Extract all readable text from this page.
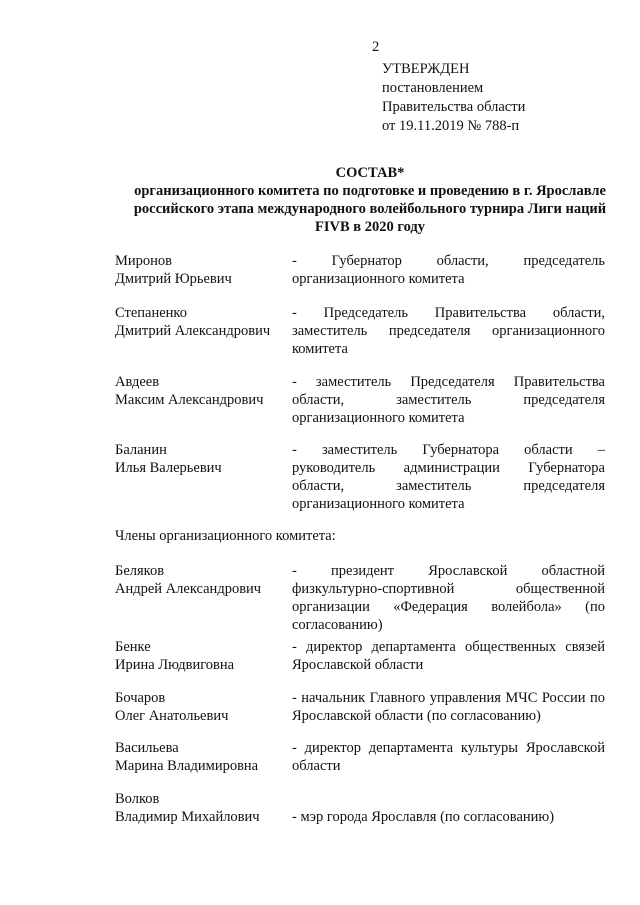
2
УТВЕРЖДЕН
постановлением
Правительства области
от 19.11.2019 № 788-п
СОСТАВ*
организационного комитета по подготовке и проведению в г. Ярославле
российского этапа международного волейбольного турнира Лиги наций
FIVB в 2020 году
Миронов
Дмитрий Юрьевич
- Губернатор области, председатель организационного комитета
Степаненко
Дмитрий Александрович
- Председатель Правительства области, заместитель председателя организационного комитета
Авдеев
Максим Александрович
- заместитель Председателя Правительства области, заместитель председателя организационного комитета
Баланин
Илья Валерьевич
- заместитель Губернатора области – руководитель администрации Губернатора области, заместитель председателя организационного комитета
Члены организационного комитета:
Беляков
Андрей Александрович
- президент Ярославской областной физкультурно-спортивной общественной организации «Федерация волейбола» (по согласованию)
Бенке
Ирина Людвиговна
- директор департамента общественных связей Ярославской области
Бочаров
Олег Анатольевич
- начальник Главного управления МЧС России по Ярославской области (по согласованию)
Васильева
Марина Владимировна
- директор департамента культуры Ярославской области
Волков
Владимир Михайлович	- мэр города Ярославля (по согласованию)
